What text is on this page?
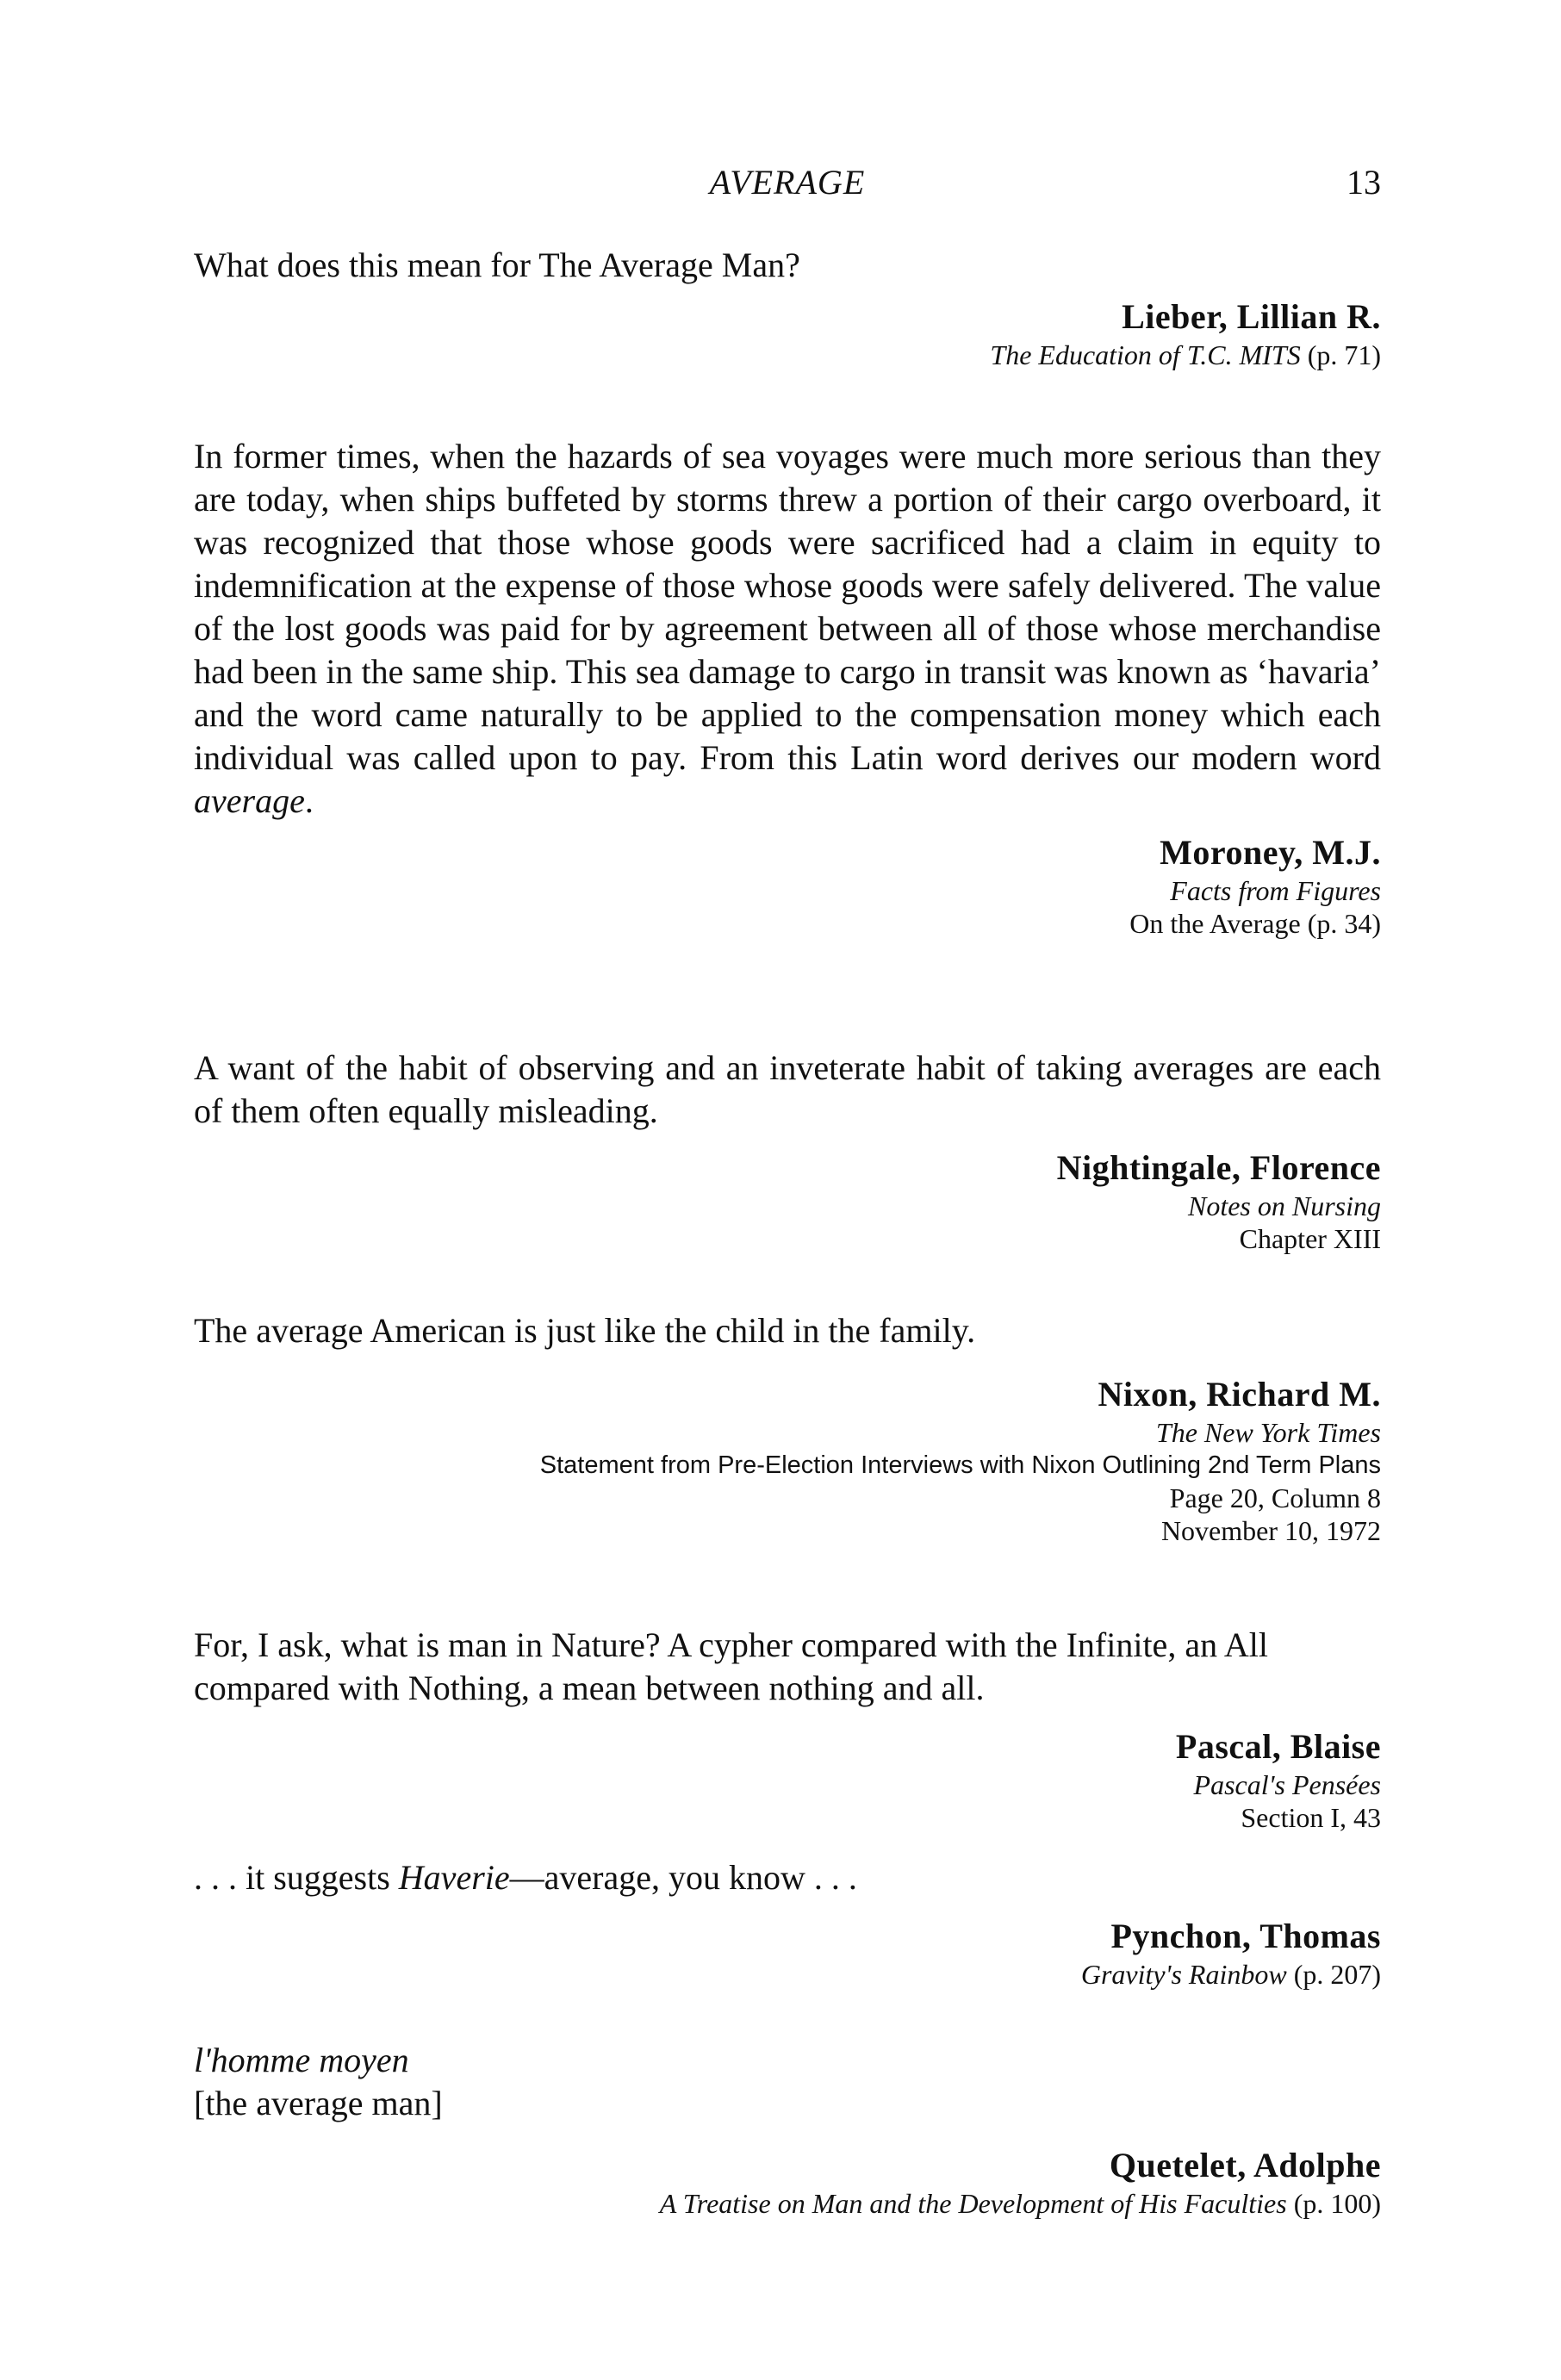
AVERAGE	13

What does this mean for The Average Man?

Lieber, Lillian R.
The Education of T.C. MITS (p. 71)

In former times, when the hazards of sea voyages were much more serious than they are today, when ships buffeted by storms threw a portion of their cargo overboard, it was recognized that those whose goods were sacrificed had a claim in equity to indemnification at the expense of those whose goods were safely delivered. The value of the lost goods was paid for by agreement between all of those whose merchandise had been in the same ship. This sea damage to cargo in transit was known as ‘havaria’ and the word came naturally to be applied to the compensation money which each individual was called upon to pay. From this Latin word derives our modern word average.

Moroney, M.J.
Facts from Figures
On the Average (p. 34)

A want of the habit of observing and an inveterate habit of taking averages are each of them often equally misleading.

Nightingale, Florence
Notes on Nursing
Chapter XIII

The average American is just like the child in the family.

Nixon, Richard M.
The New York Times
Statement from Pre-Election Interviews with Nixon Outlining 2nd Term Plans
Page 20, Column 8
November 10, 1972

For, I ask, what is man in Nature? A cypher compared with the Infinite, an All compared with Nothing, a mean between nothing and all.

Pascal, Blaise
Pascal's Pensées
Section I, 43

. . . it suggests Haverie—average, you know . . .

Pynchon, Thomas
Gravity's Rainbow (p. 207)

l'homme moyen
[the average man]

Quetelet, Adolphe
A Treatise on Man and the Development of His Faculties (p. 100)
